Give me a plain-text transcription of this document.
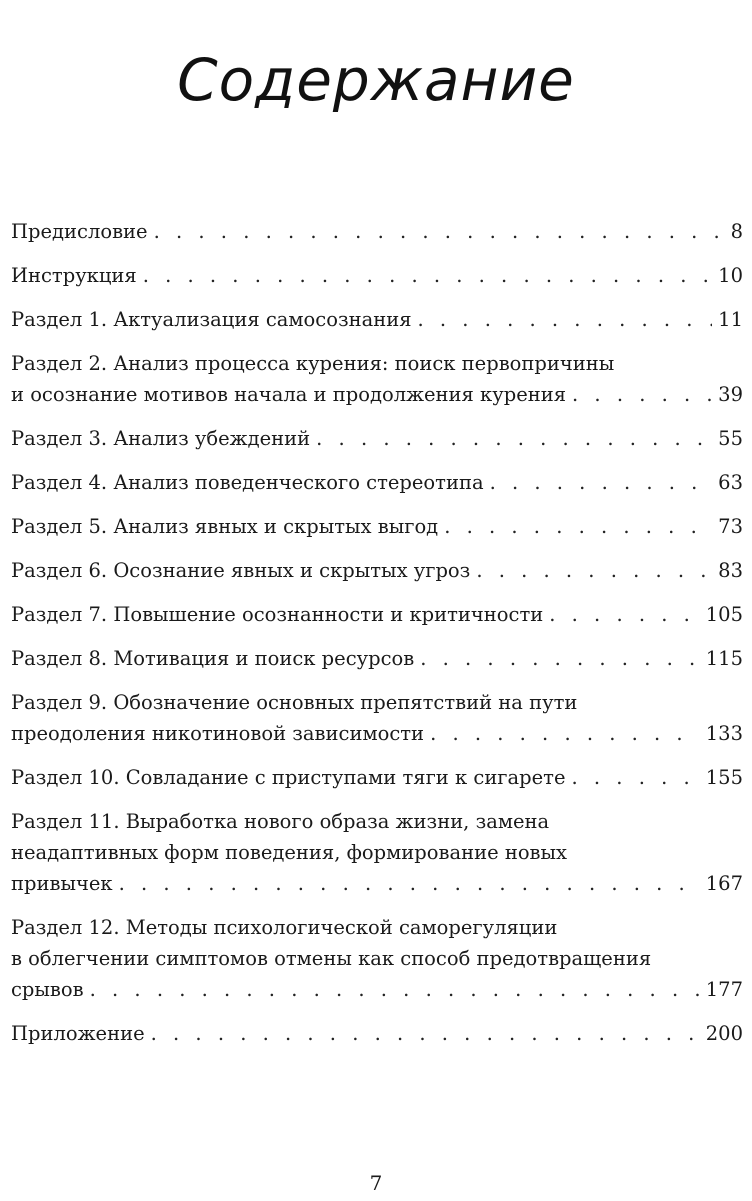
Содержание
Предисловие . . .	8
Инструкция . . .	10
Раздел 1. Актуализация самосознания . . .	11
Раздел 2. Анализ процесса курения: поиск первопричины
и осознание мотивов начала и продолжения курения . . .	39
Раздел 3. Анализ убеждений . . .	55
Раздел 4. Анализ поведенческого стереотипа . . .	63
Раздел 5. Анализ явных и скрытых выгод . . .	73
Раздел 6. Осознание явных и скрытых угроз . . .	83
Раздел 7. Повышение осознанности и критичности . . .	105
Раздел 8. Мотивация и поиск ресурсов . . .	115
Раздел 9. Обозначение основных препятствий на пути
преодоления никотиновой зависимости . . .	133
Раздел 10. Совладание с приступами тяги к сигарете . . .	155
Раздел 11. Выработка нового образа жизни, замена
неадаптивных форм поведения, формирование новых
привычек . . .	167
Раздел 12. Методы психологической саморегуляции
в облегчении симптомов отмены как способ предотвращения
срывов . . .	177
Приложение . . .	200
7
